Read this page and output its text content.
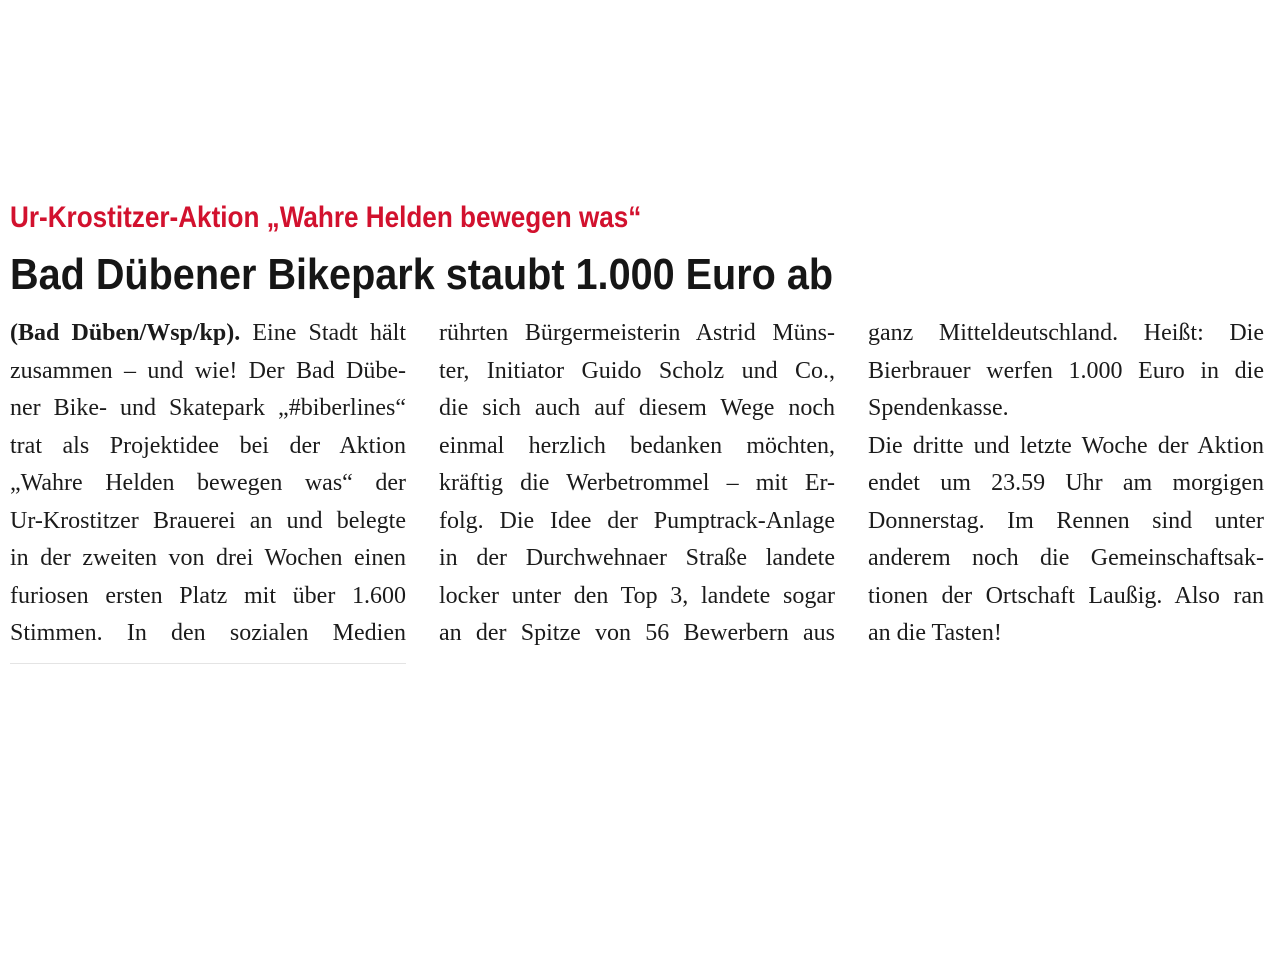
Ur-Krostitzer-Aktion „Wahre Helden bewegen was“
Bad Dübener Bikepark staubt 1.000 Euro ab
(Bad Düben/Wsp/kp). Eine Stadt hält
zusammen – und wie! Der Bad Dübe-
ner Bike- und Skatepark „#biberlines“
trat als Projektidee bei der Aktion
„Wahre Helden bewegen was“ der
Ur-Krostitzer Brauerei an und belegte
in der zweiten von drei Wochen einen
furiosen ersten Platz mit über 1.600
Stimmen. In den sozialen Medien
rührten Bürgermeisterin Astrid Müns-
ter, Initiator Guido Scholz und Co.,
die sich auch auf diesem Wege noch
einmal herzlich bedanken möchten,
kräftig die Werbetrommel – mit Er-
folg. Die Idee der Pumptrack-Anlage
in der Durchwehnaer Straße landete
locker unter den Top 3, landete sogar
an der Spitze von 56 Bewerbern aus
ganz Mitteldeutschland. Heißt: Die
Bierbrauer werfen 1.000 Euro in die
Spendenkasse.
Die dritte und letzte Woche der Aktion
endet um 23.59 Uhr am morgigen
Donnerstag. Im Rennen sind unter
anderem noch die Gemeinschaftsak-
tionen der Ortschaft Laußig. Also ran
an die Tasten!
